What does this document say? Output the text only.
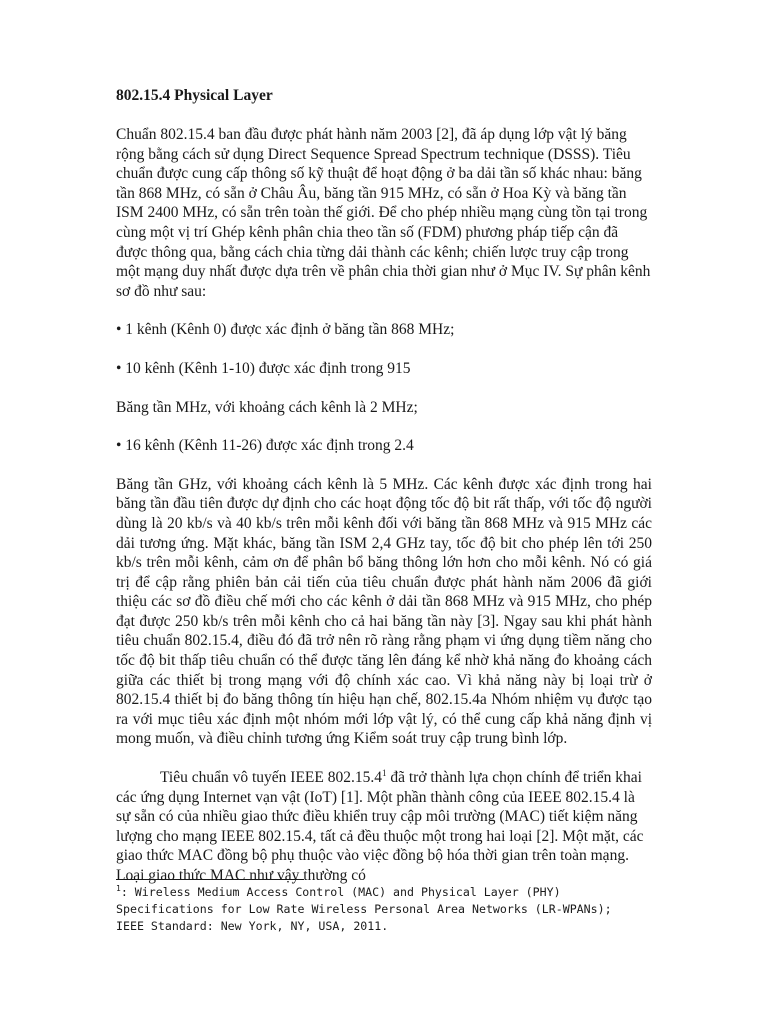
802.15.4 Physical Layer

Chuẩn 802.15.4 ban đầu được phát hành năm 2003 [2], đã áp dụng lớp vật lý băng rộng bằng cách sử dụng Direct Sequence Spread Spectrum technique (DSSS). Tiêu chuẩn được cung cấp thông số kỹ thuật để hoạt động ở ba dải tần số khác nhau: băng tần 868 MHz, có sẵn ở Châu Âu, băng tần 915 MHz, có sẵn ở Hoa Kỳ và băng tần ISM 2400 MHz, có sẵn trên toàn thế giới. Để cho phép nhiều mạng cùng tồn tại trong cùng một vị trí Ghép kênh phân chia theo tần số (FDM) phương pháp tiếp cận đã được thông qua, bằng cách chia từng dải thành các kênh; chiến lược truy cập trong một mạng duy nhất được dựa trên về phân chia thời gian như ở Mục IV. Sự phân kênh sơ đồ như sau:

• 1 kênh (Kênh 0) được xác định ở băng tần 868 MHz;

• 10 kênh (Kênh 1-10) được xác định trong 915

Băng tần MHz, với khoảng cách kênh là 2 MHz;

• 16 kênh (Kênh 11-26) được xác định trong 2.4

Băng tần GHz, với khoảng cách kênh là 5 MHz. Các kênh được xác định trong hai băng tần đầu tiên được dự định cho các hoạt động tốc độ bit rất thấp, với tốc độ người dùng là 20 kb/s và 40 kb/s trên mỗi kênh đối với băng tần 868 MHz và 915 MHz các dải tương ứng. Mặt khác, băng tần ISM 2,4 GHz tay, tốc độ bit cho phép lên tới 250 kb/s trên mỗi kênh, cảm ơn để phân bổ băng thông lớn hơn cho mỗi kênh. Nó có giá trị để cập rằng phiên bản cải tiến của tiêu chuẩn được phát hành năm 2006 đã giới thiệu các sơ đồ điều chế mới cho các kênh ở dải tần 868 MHz và 915 MHz, cho phép đạt được 250 kb/s trên mỗi kênh cho cả hai băng tần này [3]. Ngay sau khi phát hành tiêu chuẩn 802.15.4, điều đó đã trở nên rõ ràng rằng phạm vi ứng dụng tiềm năng cho tốc độ bit thấp tiêu chuẩn có thể được tăng lên đáng kể nhờ khả năng đo khoảng cách giữa các thiết bị trong mạng với độ chính xác cao. Vì khả năng này bị loại trừ ở 802.15.4 thiết bị đo băng thông tín hiệu hạn chế, 802.15.4a Nhóm nhiệm vụ được tạo ra với mục tiêu xác định một nhóm mới lớp vật lý, có thể cung cấp khả năng định vị mong muốn, và điều chỉnh tương ứng Kiểm soát truy cập trung bình lớp.

Tiêu chuẩn vô tuyến IEEE 802.15.4$^1$ đã trở thành lựa chọn chính để triển khai các ứng dụng Internet vạn vật (IoT) [1]. Một phần thành công của IEEE 802.15.4 là sự sẵn có của nhiều giao thức điều khiển truy cập môi trường (MAC) tiết kiệm năng lượng cho mạng IEEE 802.15.4, tất cả đều thuộc một trong hai loại [2]. Một mặt, các giao thức MAC đồng bộ phụ thuộc vào việc đồng bộ hóa thời gian trên toàn mạng. Loại giao thức MAC như vậy thường có

$^1$: Wireless Medium Access Control (MAC) and Physical Layer (PHY) Specifications for Low Rate Wireless Personal Area Networks (LR-WPANs); IEEE Standard: New York, NY, USA, 2011.
